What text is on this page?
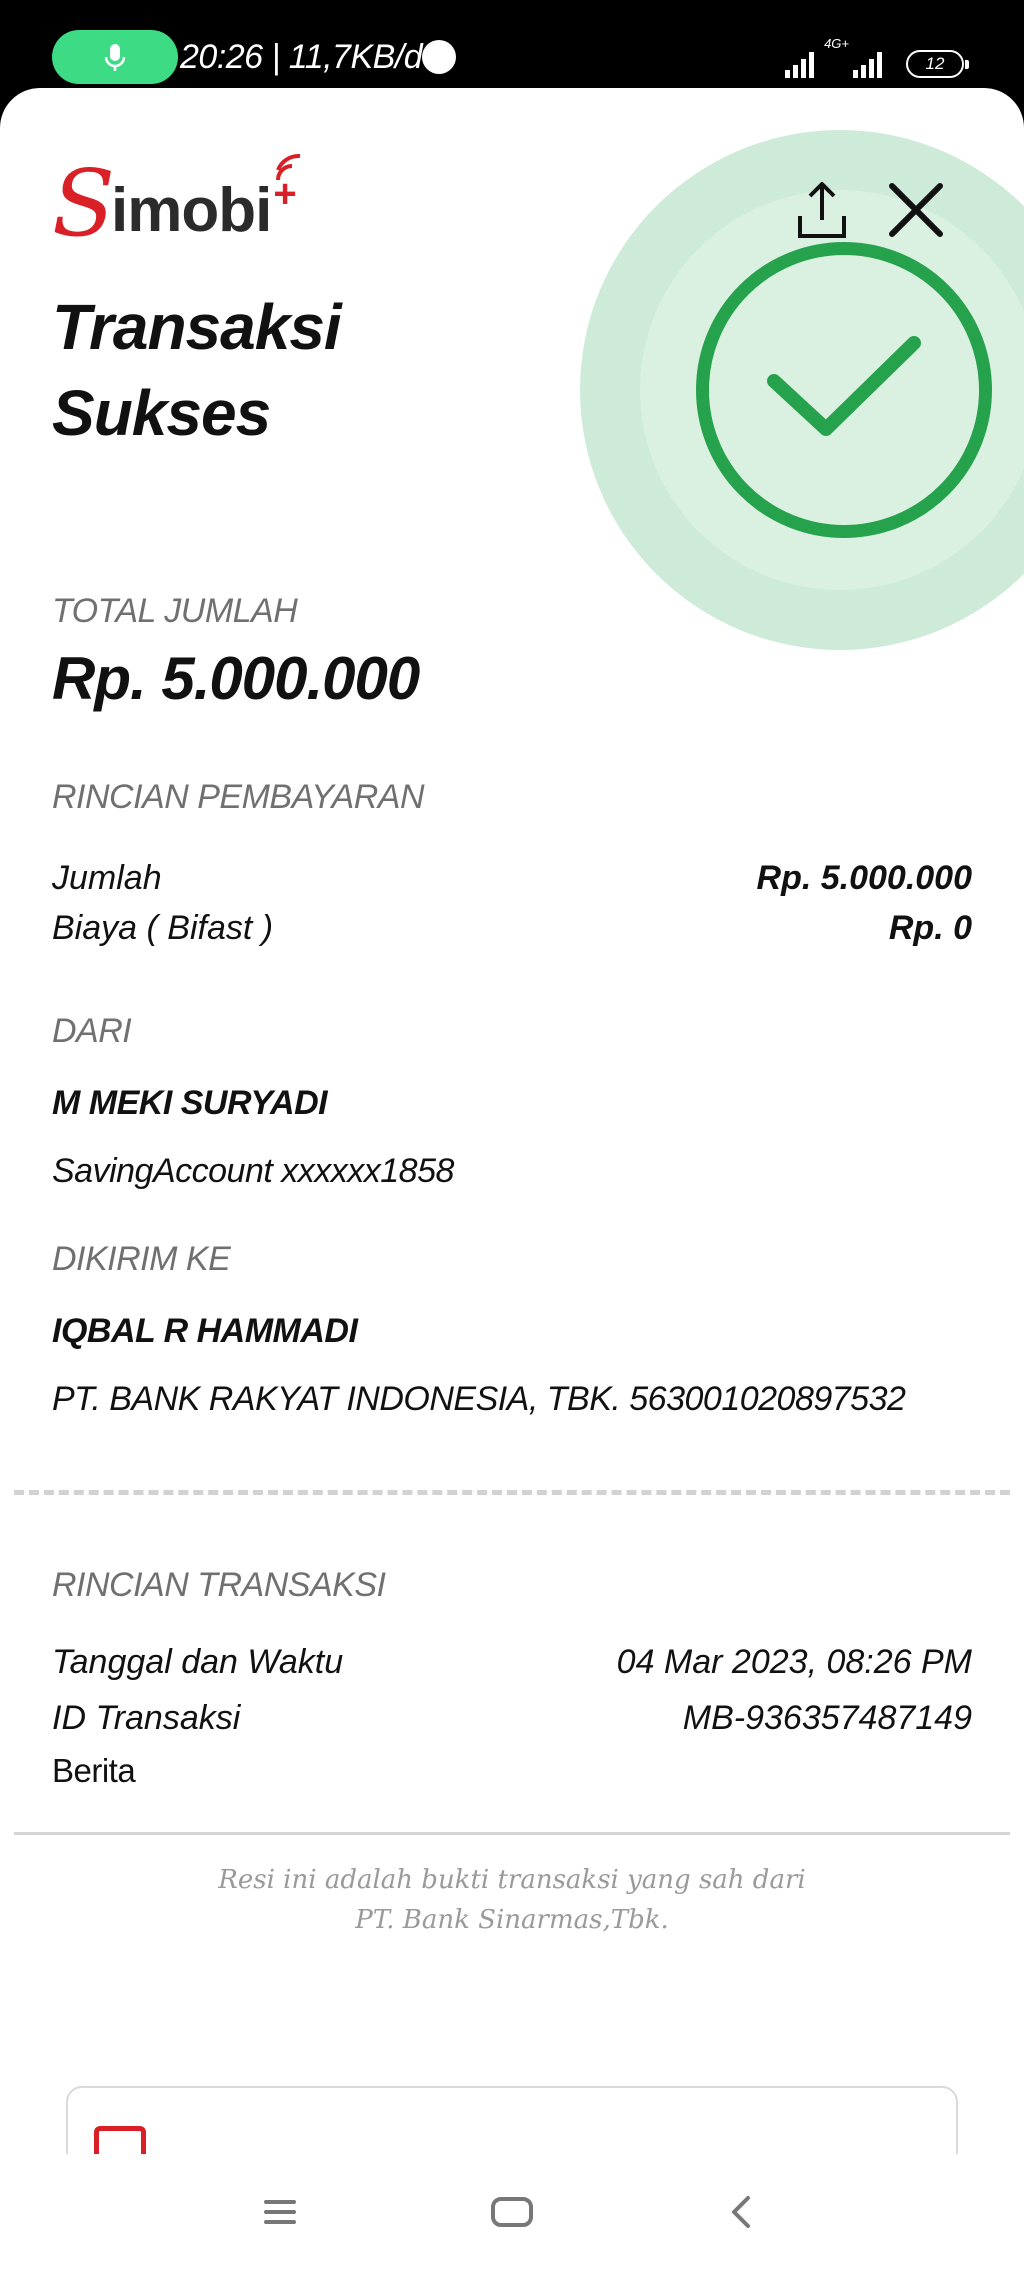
20:26 | 11,7KB/d	4G+
12
S
imobi +
Transaksi
Sukses
TOTAL JUMLAH
Rp. 5.000.000
RINCIAN PEMBAYARAN
Jumlah	Rp. 5.000.000
Biaya ( Bifast )	Rp. 0
DARI
M MEKI SURYADI
SavingAccount xxxxxx1858
DIKIRIM KE
IQBAL R HAMMADI
PT. BANK RAKYAT INDONESIA, TBK. 563001020897532
RINCIAN TRANSAKSI
Tanggal dan Waktu	04 Mar 2023, 08:26 PM
ID Transaksi	MB-936357487149
Berita
Resi ini adalah bukti transaksi yang sah dari
PT. Bank Sinarmas,Tbk.
